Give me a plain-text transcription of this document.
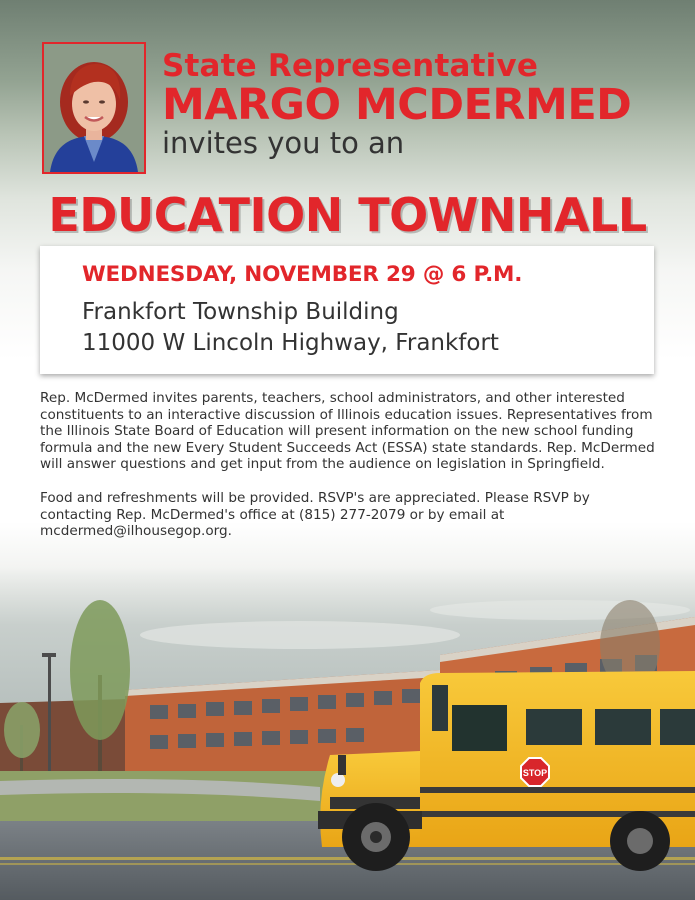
State Representative
MARGO MCDERMED
invites you to an
EDUCATION TOWNHALL
WEDNESDAY, NOVEMBER 29 @ 6 P.M.
Frankfort Township Building
11000 W Lincoln Highway, Frankfort

Rep. McDermed invites parents, teachers, school administrators, and other interested constituents to an interactive discussion of Illinois education issues. Representatives from the Illinois State Board of Education will present information on the new school funding formula and the new Every Student Succeeds Act (ESSA) state standards. Rep. McDermed will answer questions and get input from the audience on legislation in Springfield.

Food and refreshments will be provided. RSVP's are appreciated. Please RSVP by contacting Rep. McDermed's office at (815) 277-2079 or by email at mcdermed@ilhousegop.org.

STOP
